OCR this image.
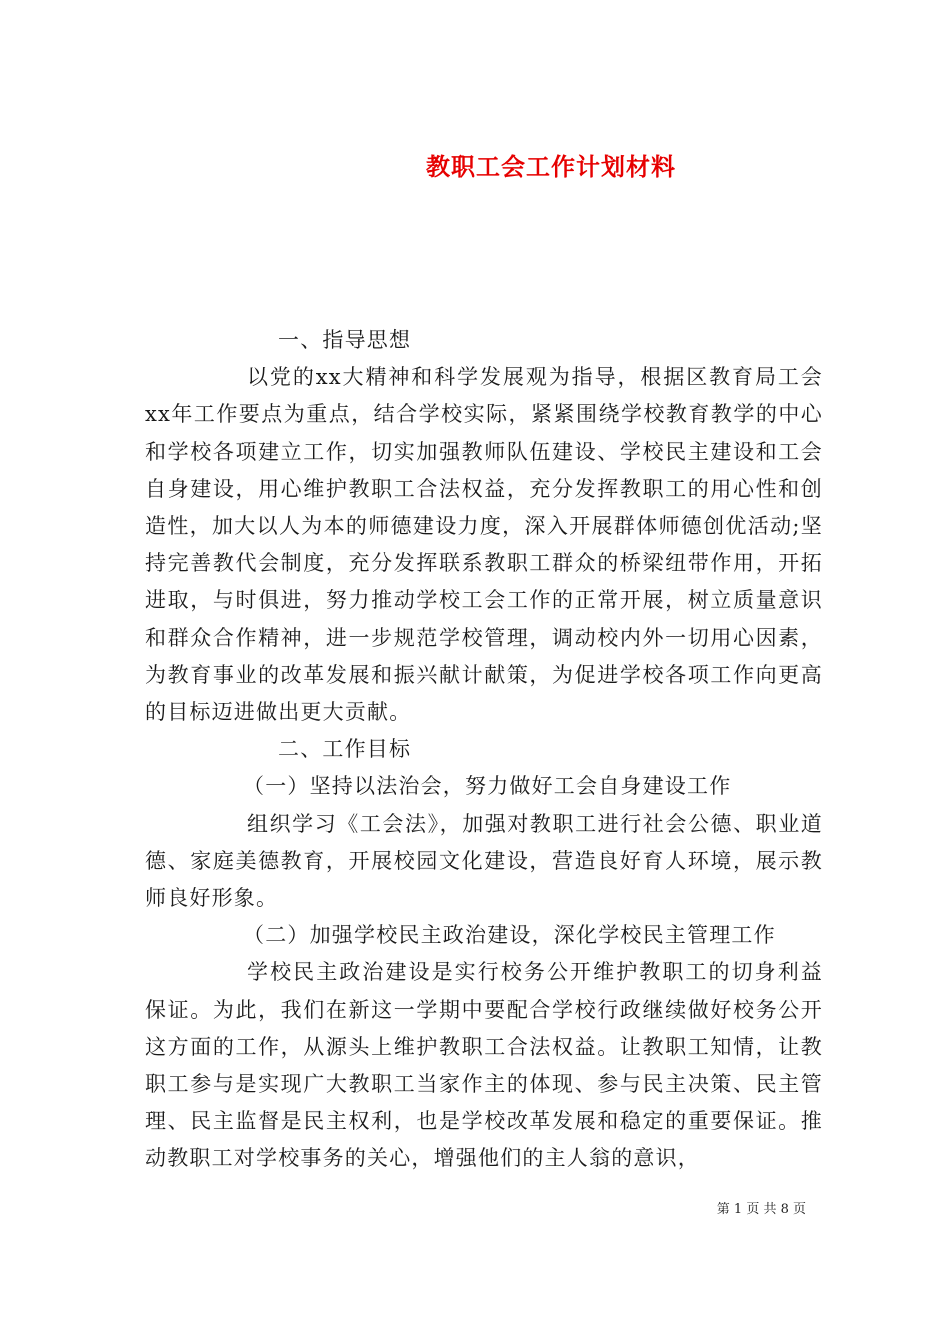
教职工会工作计划材料

一、指导思想

以党的xx大精神和科学发展观为指导，根据区教育局工会xx年工作要点为重点，结合学校实际，紧紧围绕学校教育教学的中心和学校各项建立工作，切实加强教师队伍建设、学校民主建设和工会自身建设，用心维护教职工合法权益，充分发挥教职工的用心性和创造性，加大以人为本的师德建设力度，深入开展群体师德创优活动;坚持完善教代会制度，充分发挥联系教职工群众的桥梁纽带作用，开拓进取，与时俱进，努力推动学校工会工作的正常开展，树立质量意识和群众合作精神，进一步规范学校管理，调动校内外一切用心因素，为教育事业的改革发展和振兴献计献策，为促进学校各项工作向更高的目标迈进做出更大贡献。

二、工作目标

（一）坚持以法治会，努力做好工会自身建设工作

组织学习《工会法》，加强对教职工进行社会公德、职业道德、家庭美德教育，开展校园文化建设，营造良好育人环境，展示教师良好形象。

（二）加强学校民主政治建设，深化学校民主管理工作

学校民主政治建设是实行校务公开维护教职工的切身利益保证。为此，我们在新这一学期中要配合学校行政继续做好校务公开这方面的工作，从源头上维护教职工合法权益。让教职工知情，让教职工参与是实现广大教职工当家作主的体现、参与民主决策、民主管理、民主监督是民主权利，也是学校改革发展和稳定的重要保证。推动教职工对学校事务的关心，增强他们的主人翁的意识，

第 1 页 共 8 页
